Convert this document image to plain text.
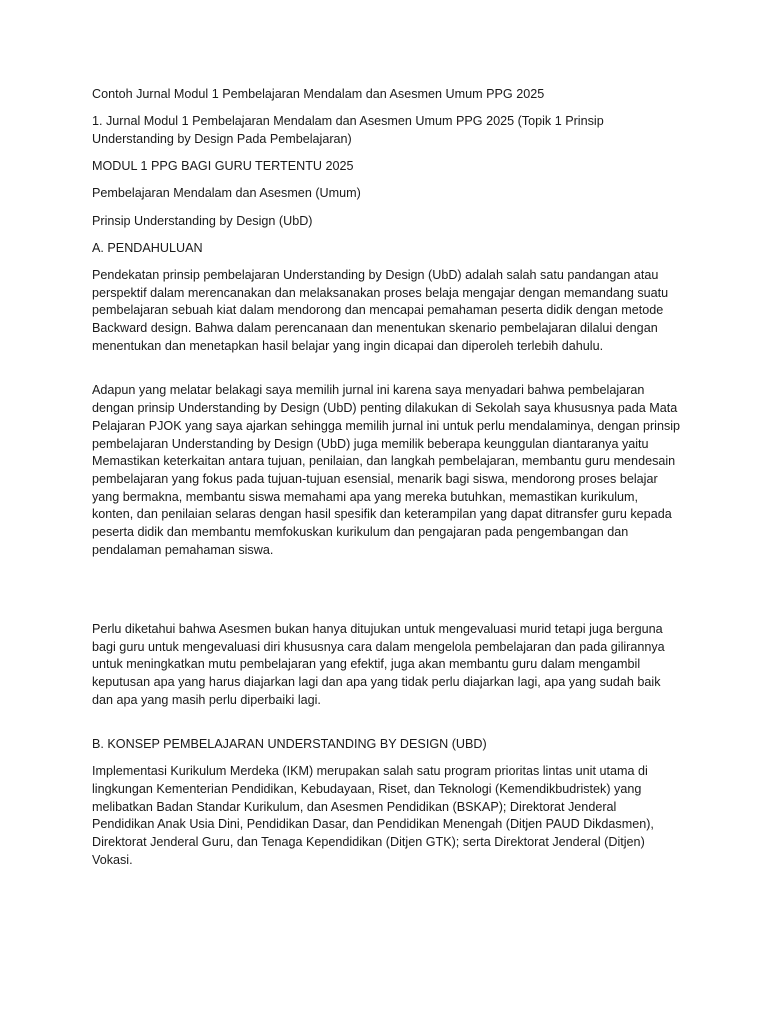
Contoh Jurnal Modul 1 Pembelajaran Mendalam dan Asesmen Umum PPG 2025

1. Jurnal Modul 1 Pembelajaran Mendalam dan Asesmen Umum PPG 2025 (Topik 1 Prinsip Understanding by Design Pada Pembelajaran)

MODUL 1 PPG BAGI GURU TERTENTU 2025

Pembelajaran Mendalam dan Asesmen (Umum)

Prinsip Understanding by Design (UbD)

A. PENDAHULUAN

Pendekatan prinsip pembelajaran Understanding by Design (UbD) adalah salah satu pandangan atau perspektif dalam merencanakan dan melaksanakan proses belaja mengajar dengan memandang suatu pembelajaran sebuah kiat dalam mendorong dan mencapai pemahaman peserta didik dengan metode Backward design. Bahwa dalam perencanaan dan menentukan skenario pembelajaran dilalui dengan menentukan dan menetapkan hasil belajar yang ingin dicapai dan diperoleh terlebih dahulu.

Adapun yang melatar belakagi saya memilih jurnal ini karena saya menyadari bahwa pembelajaran dengan prinsip Understanding by Design (UbD) penting dilakukan di Sekolah saya khususnya pada Mata Pelajaran PJOK yang saya ajarkan sehingga memilih jurnal ini untuk perlu mendalaminya, dengan prinsip pembelajaran Understanding by Design (UbD) juga memilik beberapa keunggulan diantaranya yaitu Memastikan keterkaitan antara tujuan, penilaian, dan langkah pembelajaran, membantu guru mendesain pembelajaran yang fokus pada tujuan-tujuan esensial, menarik bagi siswa, mendorong proses belajar yang bermakna, membantu siswa memahami apa yang mereka butuhkan, memastikan kurikulum, konten, dan penilaian selaras dengan hasil spesifik dan keterampilan yang dapat ditransfer guru kepada peserta didik dan membantu memfokuskan kurikulum dan pengajaran pada pengembangan dan pendalaman pemahaman siswa.

Perlu diketahui bahwa Asesmen bukan hanya ditujukan untuk mengevaluasi murid tetapi juga berguna bagi guru untuk mengevaluasi diri khususnya cara dalam mengelola pembelajaran dan pada gilirannya untuk meningkatkan mutu pembelajaran yang efektif, juga akan membantu guru dalam mengambil keputusan apa yang harus diajarkan lagi dan apa yang tidak perlu diajarkan lagi, apa yang sudah baik dan apa yang masih perlu diperbaiki lagi.

B. KONSEP PEMBELAJARAN UNDERSTANDING BY DESIGN (UBD)

Implementasi Kurikulum Merdeka (IKM) merupakan salah satu program prioritas lintas unit utama di lingkungan Kementerian Pendidikan, Kebudayaan, Riset, dan Teknologi (Kemendikbudristek) yang melibatkan Badan Standar Kurikulum, dan Asesmen Pendidikan (BSKAP); Direktorat Jenderal Pendidikan Anak Usia Dini, Pendidikan Dasar, dan Pendidikan Menengah (Ditjen PAUD Dikdasmen), Direktorat Jenderal Guru, dan Tenaga Kependidikan (Ditjen GTK); serta Direktorat Jenderal (Ditjen) Vokasi.
